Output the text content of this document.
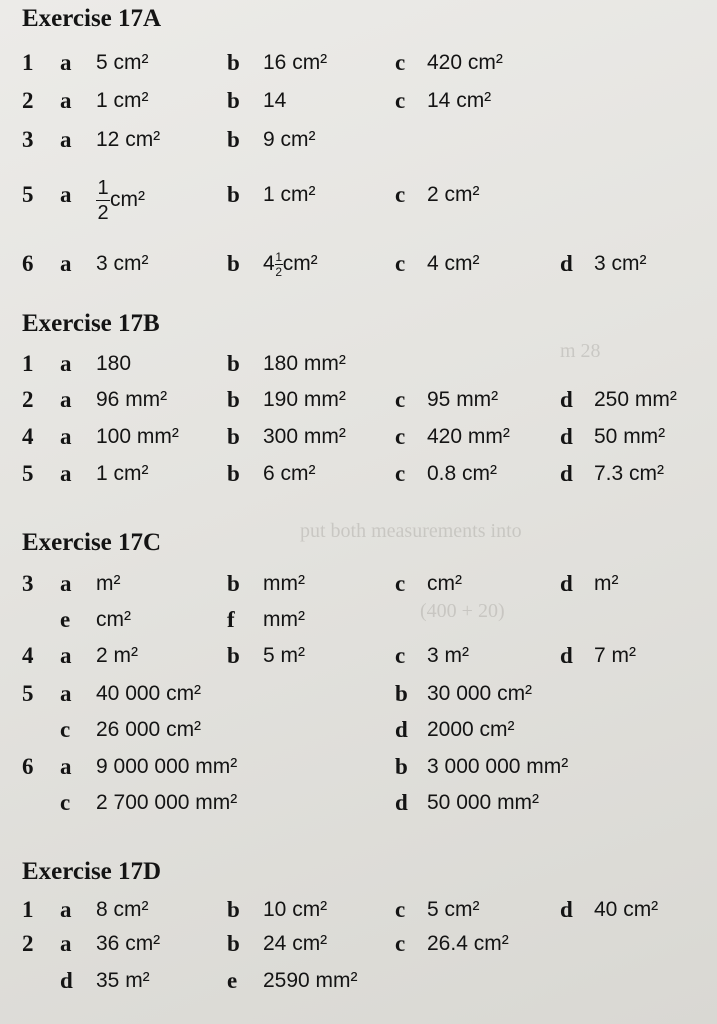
m 28
put both measurements into
(400 + 20)
Exercise 17A
1 a 5 cm²	b 16 cm²	c 420 cm²
2 a 1 cm²	b 14	c 14 cm²
3 a 12 cm²	b 9 cm²
5 a $\frac{1}{2} cm^2$	b 1 cm²	c 2 cm²
6 a 3 cm²	b $4 \frac{1}{2} cm^2$	c 4 cm²	d 3 cm²
Exercise 17B
1 a 180	b 180 mm²
2 a 96 mm²	b 190 mm² c 95 mm²	d 250 mm²
4 a 100 mm² b 300 mm² c 420 mm² d 50 mm²
5 a 1 cm²	b 6 cm²	c 0.8 cm²	d 7.3 cm²
Exercise 17C
3 a m²	b mm²	c cm²	d m²
e cm²	f mm²
4 a 2 m²	b 5 m²	c 3 m²	d 7 m²
5 a 40 000 cm²	b 30 000 cm²
c 26 000 cm²	d 2000 cm²
6 a 9 000 000 mm²	b 3 000 000 mm²
c 2 700 000 mm²	d 50 000 mm²
Exercise 17D
1 a 8 cm²	b 10 cm²	c 5 cm²	d 40 cm²
2 a 36 cm²	b 24 cm²	c 26.4 cm²
d 35 m²	e 2590 mm²
